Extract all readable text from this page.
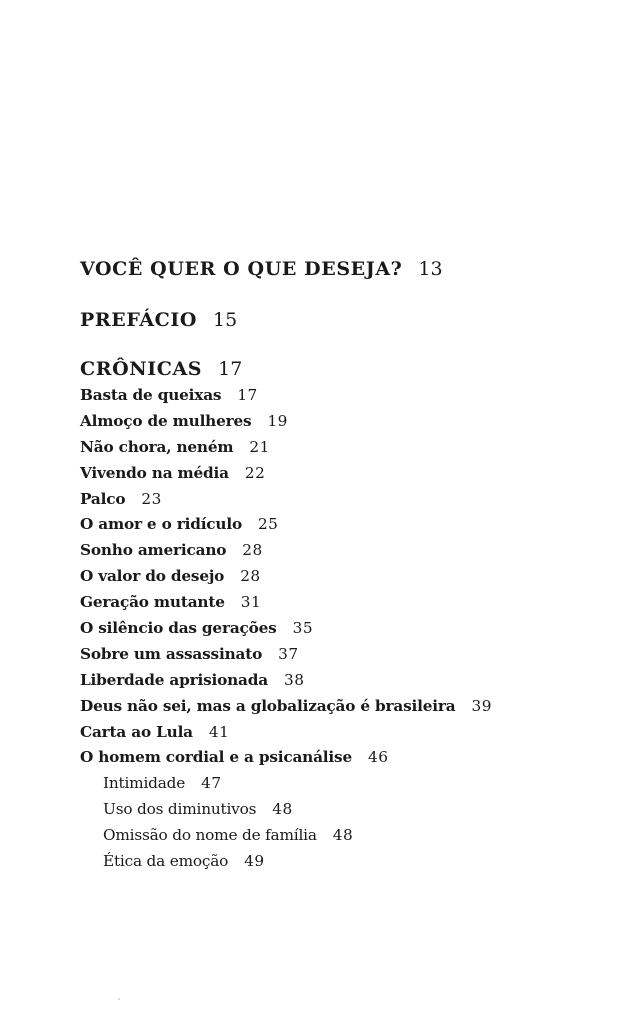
VOCÊ QUER O QUE DESEJA? 13
PREFÁCIO 15
CRÔNICAS 17
Basta de queixas 17
Almoço de mulheres 19
Não chora, neném 21
Vivendo na média 22
Palco 23
O amor e o ridículo 25
Sonho americano 28
O valor do desejo 28
Geração mutante 31
O silêncio das gerações 35
Sobre um assassinato 37
Liberdade aprisionada 38
Deus não sei, mas a globalização é brasileira 39
Carta ao Lula 41
O homem cordial e a psicanálise 46
Intimidade 47
Uso dos diminutivos 48
Omissão do nome de família 48
Ética da emoção 49
